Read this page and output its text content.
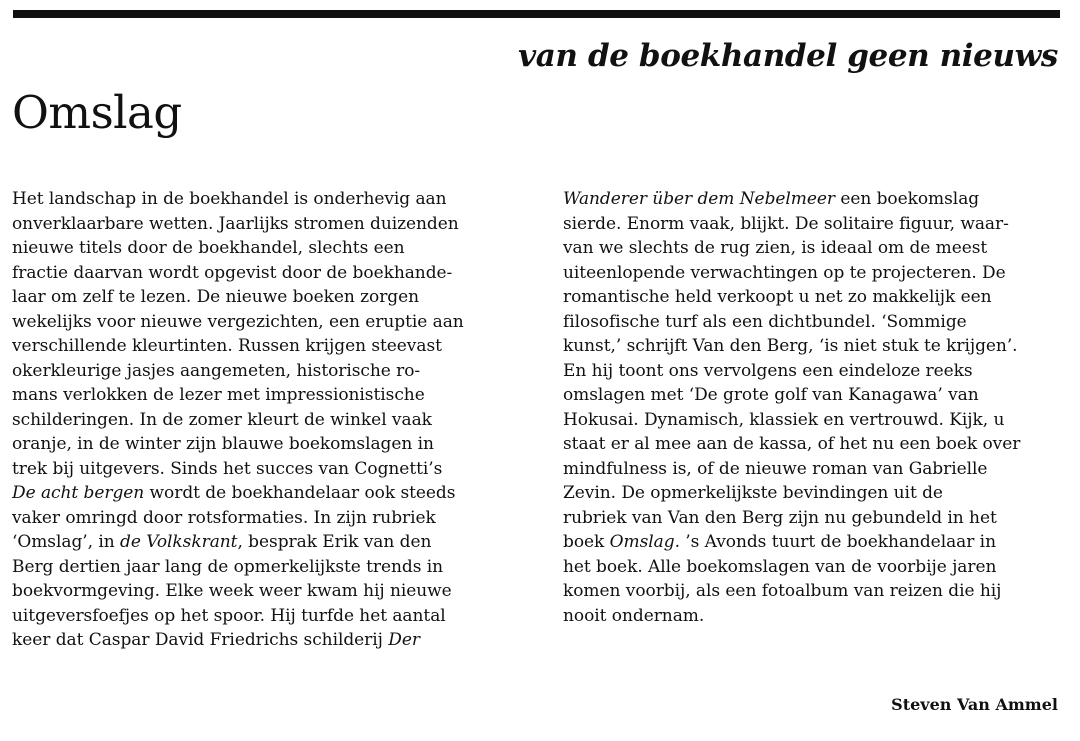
van de boekhandel geen nieuws
Omslag
Het landschap in de boekhandel is onderhevig aan
onverklaarbare wetten. Jaarlijks stromen duizenden
nieuwe titels door de boekhandel, slechts een
fractie daarvan wordt opgevist door de boekhande-
laar om zelf te lezen. De nieuwe boeken zorgen
wekelijks voor nieuwe vergezichten, een eruptie aan
verschillende kleurtinten. Russen krijgen steevast
okerkleurige jasjes aangemeten, historische ro-
mans verlokken de lezer met impressionistische
schilderingen. In de zomer kleurt de winkel vaak
oranje, in de winter zijn blauwe boekomslagen in
trek bij uitgevers. Sinds het succes van Cognetti’s
De acht bergen wordt de boekhandelaar ook steeds
vaker omringd door rotsformaties. In zijn rubriek
‘Omslag’, in de Volkskrant, besprak Erik van den
Berg dertien jaar lang de opmerkelijkste trends in
boekvormgeving. Elke week weer kwam hij nieuwe
uitgeversfoefjes op het spoor. Hij turfde het aantal
keer dat Caspar David Friedrichs schilderij Der
Wanderer über dem Nebelmeer een boekomslag
sierde. Enorm vaak, blijkt. De solitaire figuur, waar-
van we slechts de rug zien, is ideaal om de meest
uiteenlopende verwachtingen op te projecteren. De
romantische held verkoopt u net zo makkelijk een
filosofische turf als een dichtbundel. ‘Sommige
kunst,’ schrijft Van den Berg, ‘is niet stuk te krijgen’.
En hij toont ons vervolgens een eindeloze reeks
omslagen met ‘De grote golf van Kanagawa’ van
Hokusai. Dynamisch, klassiek en vertrouwd. Kijk, u
staat er al mee aan de kassa, of het nu een boek over
mindfulness is, of de nieuwe roman van Gabrielle
Zevin. De opmerkelijkste bevindingen uit de
rubriek van Van den Berg zijn nu gebundeld in het
boek Omslag. ’s Avonds tuurt de boekhandelaar in
het boek. Alle boekomslagen van de voorbije jaren
komen voorbij, als een fotoalbum van reizen die hij
nooit ondernam.
Steven Van Ammel
